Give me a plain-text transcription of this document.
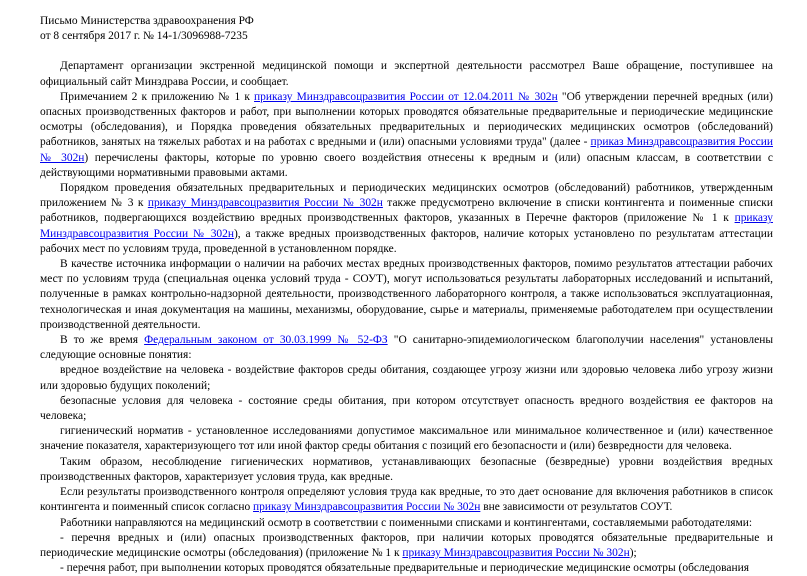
Письмо Министерства здравоохранения РФ
от 8 сентября 2017 г. № 14-1/3096988-7235

Департамент организации экстренной медицинской помощи и экспертной деятельности рассмотрел Ваше обращение, поступившее на официальный сайт Минздрава России, и сообщает.

Примечанием 2 к приложению № 1 к приказу Минздравсоцразвития России от 12.04.2011 № 302н "Об утверждении перечней вредных (или) опасных производственных факторов и работ, при выполнении которых проводятся обязательные предварительные и периодические медицинские осмотры (обследования), и Порядка проведения обязательных предварительных и периодических медицинских осмотров (обследований) работников, занятых на тяжелых работах и на работах с вредными и (или) опасными условиями труда" (далее - приказ Минздравсоцразвития России № 302н) перечислены факторы, которые по уровню своего воздействия отнесены к вредным и (или) опасным классам, в соответствии с действующими нормативными правовыми актами.

Порядком проведения обязательных предварительных и периодических медицинских осмотров (обследований) работников, утвержденным приложением № 3 к приказу Минздравсоцразвития России № 302н также предусмотрено включение в списки контингента и поименные списки работников, подвергающихся воздействию вредных производственных факторов, указанных в Перечне факторов (приложение № 1 к приказу Минздравсоцразвития России № 302н), а также вредных производственных факторов, наличие которых установлено по результатам аттестации рабочих мест по условиям труда, проведенной в установленном порядке.

В качестве источника информации о наличии на рабочих местах вредных производственных факторов, помимо результатов аттестации рабочих мест по условиям труда (специальная оценка условий труда - СОУТ), могут использоваться результаты лабораторных исследований и испытаний, полученные в рамках контрольно-надзорной деятельности, производственного лабораторного контроля, а также использоваться эксплуатационная, технологическая и иная документация на машины, механизмы, оборудование, сырье и материалы, применяемые работодателем при осуществлении производственной деятельности.

В то же время Федеральным законом от 30.03.1999 № 52-ФЗ "О санитарно-эпидемиологическом благополучии населения" установлены следующие основные понятия:

вредное воздействие на человека - воздействие факторов среды обитания, создающее угрозу жизни или здоровью человека либо угрозу жизни или здоровью будущих поколений;

безопасные условия для человека - состояние среды обитания, при котором отсутствует опасность вредного воздействия ее факторов на человека;

гигиенический норматив - установленное исследованиями допустимое максимальное или минимальное количественное и (или) качественное значение показателя, характеризующего тот или иной фактор среды обитания с позиций его безопасности и (или) безвредности для человека.

Таким образом, несоблюдение гигиенических нормативов, устанавливающих безопасные (безвредные) уровни воздействия вредных производственных факторов, характеризует условия труда, как вредные.

Если результаты производственного контроля определяют условия труда как вредные, то это дает основание для включения работников в список контингента и поименный список согласно приказу Минздравсоцразвития России № 302н вне зависимости от результатов СОУТ.

Работники направляются на медицинский осмотр в соответствии с поименными списками и контингентами, составляемыми работодателями:

- перечня вредных и (или) опасных производственных факторов, при наличии которых проводятся обязательные предварительные и периодические медицинские осмотры (обследования) (приложение № 1 к приказу Минздравсоцразвития России № 302н);

- перечня работ, при выполнении которых проводятся обязательные предварительные и периодические медицинские осмотры (обследования
